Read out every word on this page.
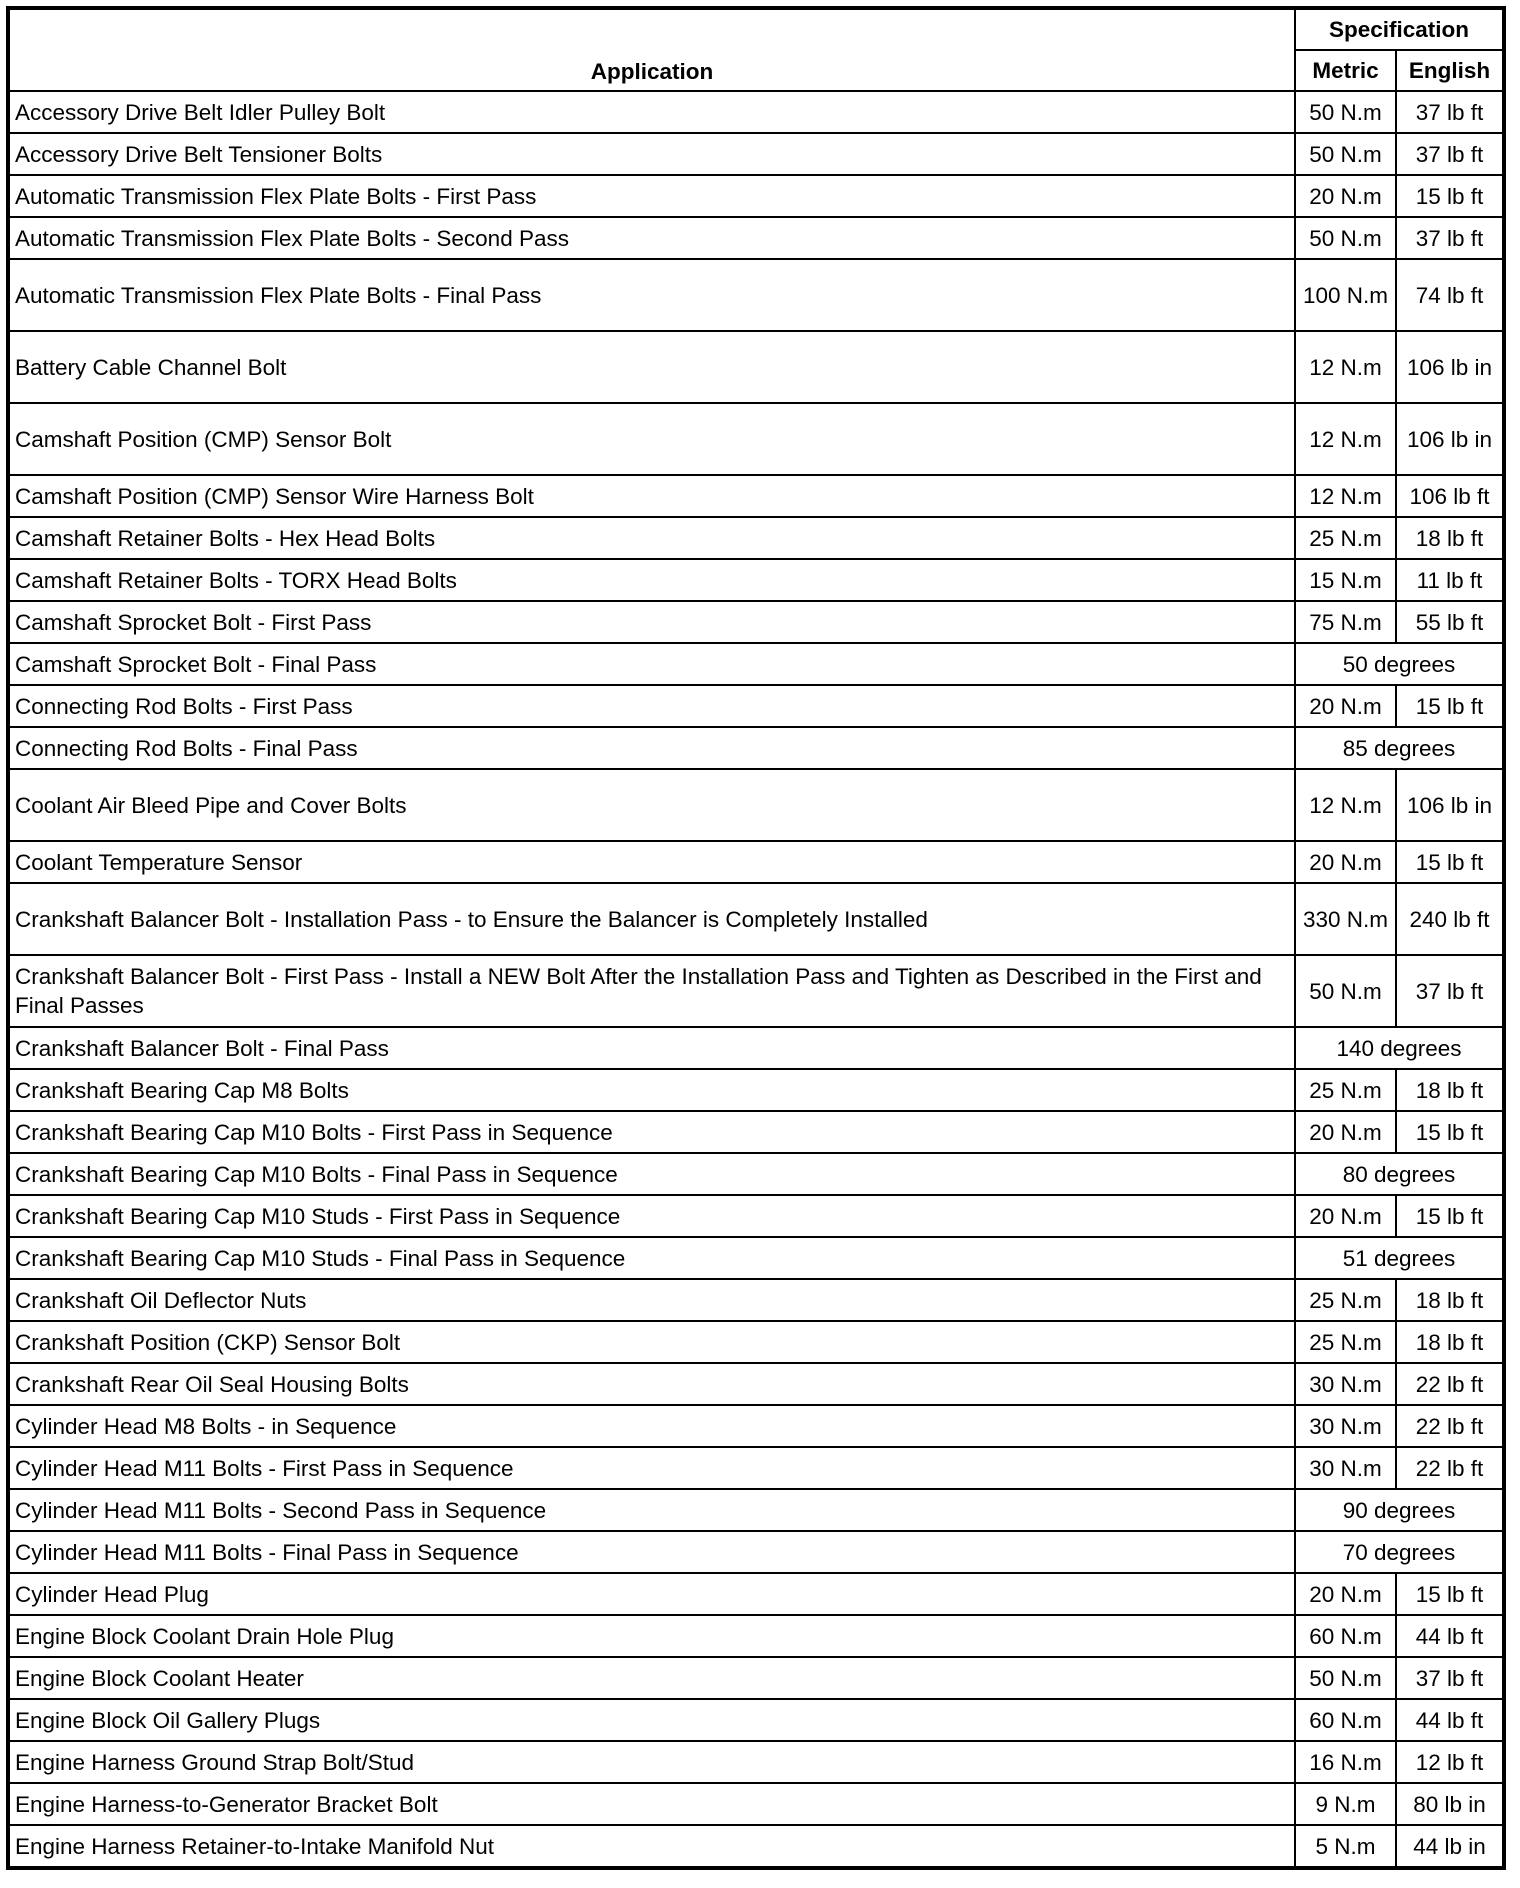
Application	Specification	
	Metric	English
Accessory Drive Belt Idler Pulley Bolt	50 N.m	37 lb ft
Accessory Drive Belt Tensioner Bolts	50 N.m	37 lb ft
Automatic Transmission Flex Plate Bolts - First Pass	20 N.m	15 lb ft
Automatic Transmission Flex Plate Bolts - Second Pass	50 N.m	37 lb ft
Automatic Transmission Flex Plate Bolts - Final Pass	100 N.m	74 lb ft
Battery Cable Channel Bolt	12 N.m	106 lb in
Camshaft Position (CMP) Sensor Bolt	12 N.m	106 lb in
Camshaft Position (CMP) Sensor Wire Harness Bolt	12 N.m	106 lb ft
Camshaft Retainer Bolts - Hex Head Bolts	25 N.m	18 lb ft
Camshaft Retainer Bolts - TORX Head Bolts	15 N.m	11 lb ft
Camshaft Sprocket Bolt - First Pass	75 N.m	55 lb ft
Camshaft Sprocket Bolt - Final Pass	50 degrees	
Connecting Rod Bolts - First Pass	20 N.m	15 lb ft
Connecting Rod Bolts - Final Pass	85 degrees	
Coolant Air Bleed Pipe and Cover Bolts	12 N.m	106 lb in
Coolant Temperature Sensor	20 N.m	15 lb ft
Crankshaft Balancer Bolt - Installation Pass - to Ensure the Balancer is Completely Installed	330 N.m	240 lb ft
Crankshaft Balancer Bolt - First Pass - Install a NEW Bolt After the Installation Pass and Tighten as Described in the First and Final Passes	50 N.m	37 lb ft
Crankshaft Balancer Bolt - Final Pass	140 degrees	
Crankshaft Bearing Cap M8 Bolts	25 N.m	18 lb ft
Crankshaft Bearing Cap M10 Bolts - First Pass in Sequence	20 N.m	15 lb ft
Crankshaft Bearing Cap M10 Bolts - Final Pass in Sequence	80 degrees	
Crankshaft Bearing Cap M10 Studs - First Pass in Sequence	20 N.m	15 lb ft
Crankshaft Bearing Cap M10 Studs - Final Pass in Sequence	51 degrees	
Crankshaft Oil Deflector Nuts	25 N.m	18 lb ft
Crankshaft Position (CKP) Sensor Bolt	25 N.m	18 lb ft
Crankshaft Rear Oil Seal Housing Bolts	30 N.m	22 lb ft
Cylinder Head M8 Bolts - in Sequence	30 N.m	22 lb ft
Cylinder Head M11 Bolts - First Pass in Sequence	30 N.m	22 lb ft
Cylinder Head M11 Bolts - Second Pass in Sequence	90 degrees	
Cylinder Head M11 Bolts - Final Pass in Sequence	70 degrees	
Cylinder Head Plug	20 N.m	15 lb ft
Engine Block Coolant Drain Hole Plug	60 N.m	44 lb ft
Engine Block Coolant Heater	50 N.m	37 lb ft
Engine Block Oil Gallery Plugs	60 N.m	44 lb ft
Engine Harness Ground Strap Bolt/Stud	16 N.m	12 lb ft
Engine Harness-to-Generator Bracket Bolt	9 N.m	80 lb in
Engine Harness Retainer-to-Intake Manifold Nut	5 N.m	44 lb in
